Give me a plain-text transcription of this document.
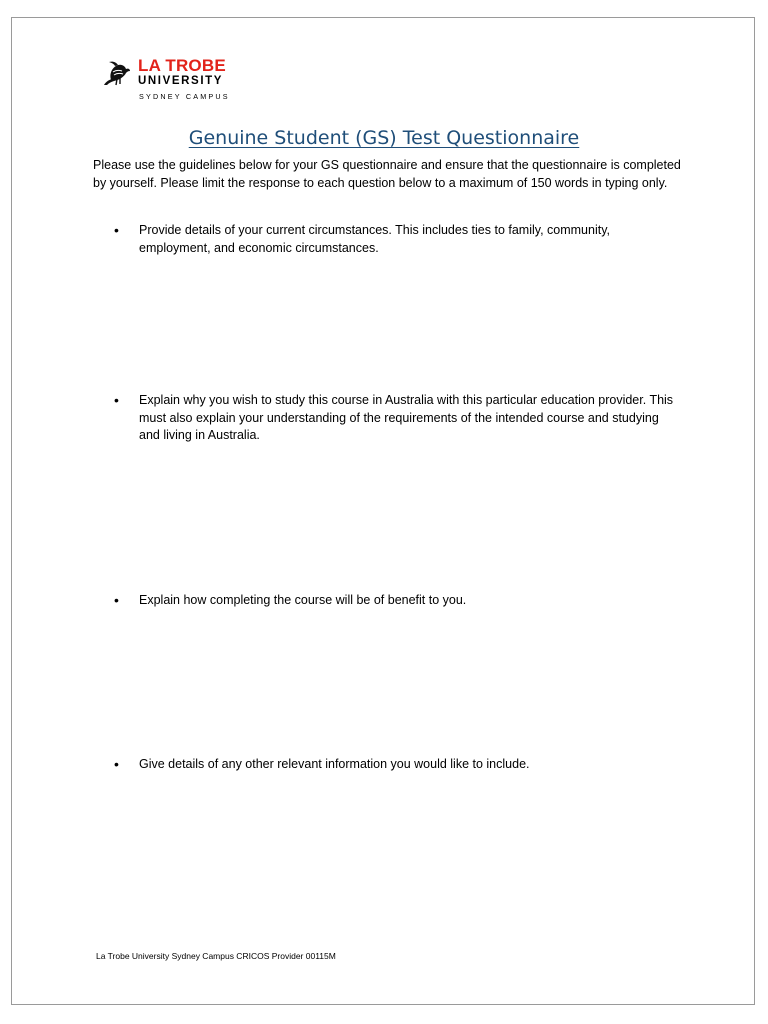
LA TROBE
UNIVERSITY
SYDNEY CAMPUS
Genuine Student (GS) Test Questionnaire
Please use the guidelines below for your GS questionnaire and ensure that the questionnaire is completed by yourself. Please limit the response to each question below to a maximum of 150 words in typing only.
•	Provide details of your current circumstances. This includes ties to family, community, employment, and economic circumstances.
•	Explain why you wish to study this course in Australia with this particular education provider. This must also explain your understanding of the requirements of the intended course and studying and living in Australia.
•	Explain how completing the course will be of benefit to you.
•	Give details of any other relevant information you would like to include.
La Trobe University Sydney Campus CRICOS Provider 00115M
